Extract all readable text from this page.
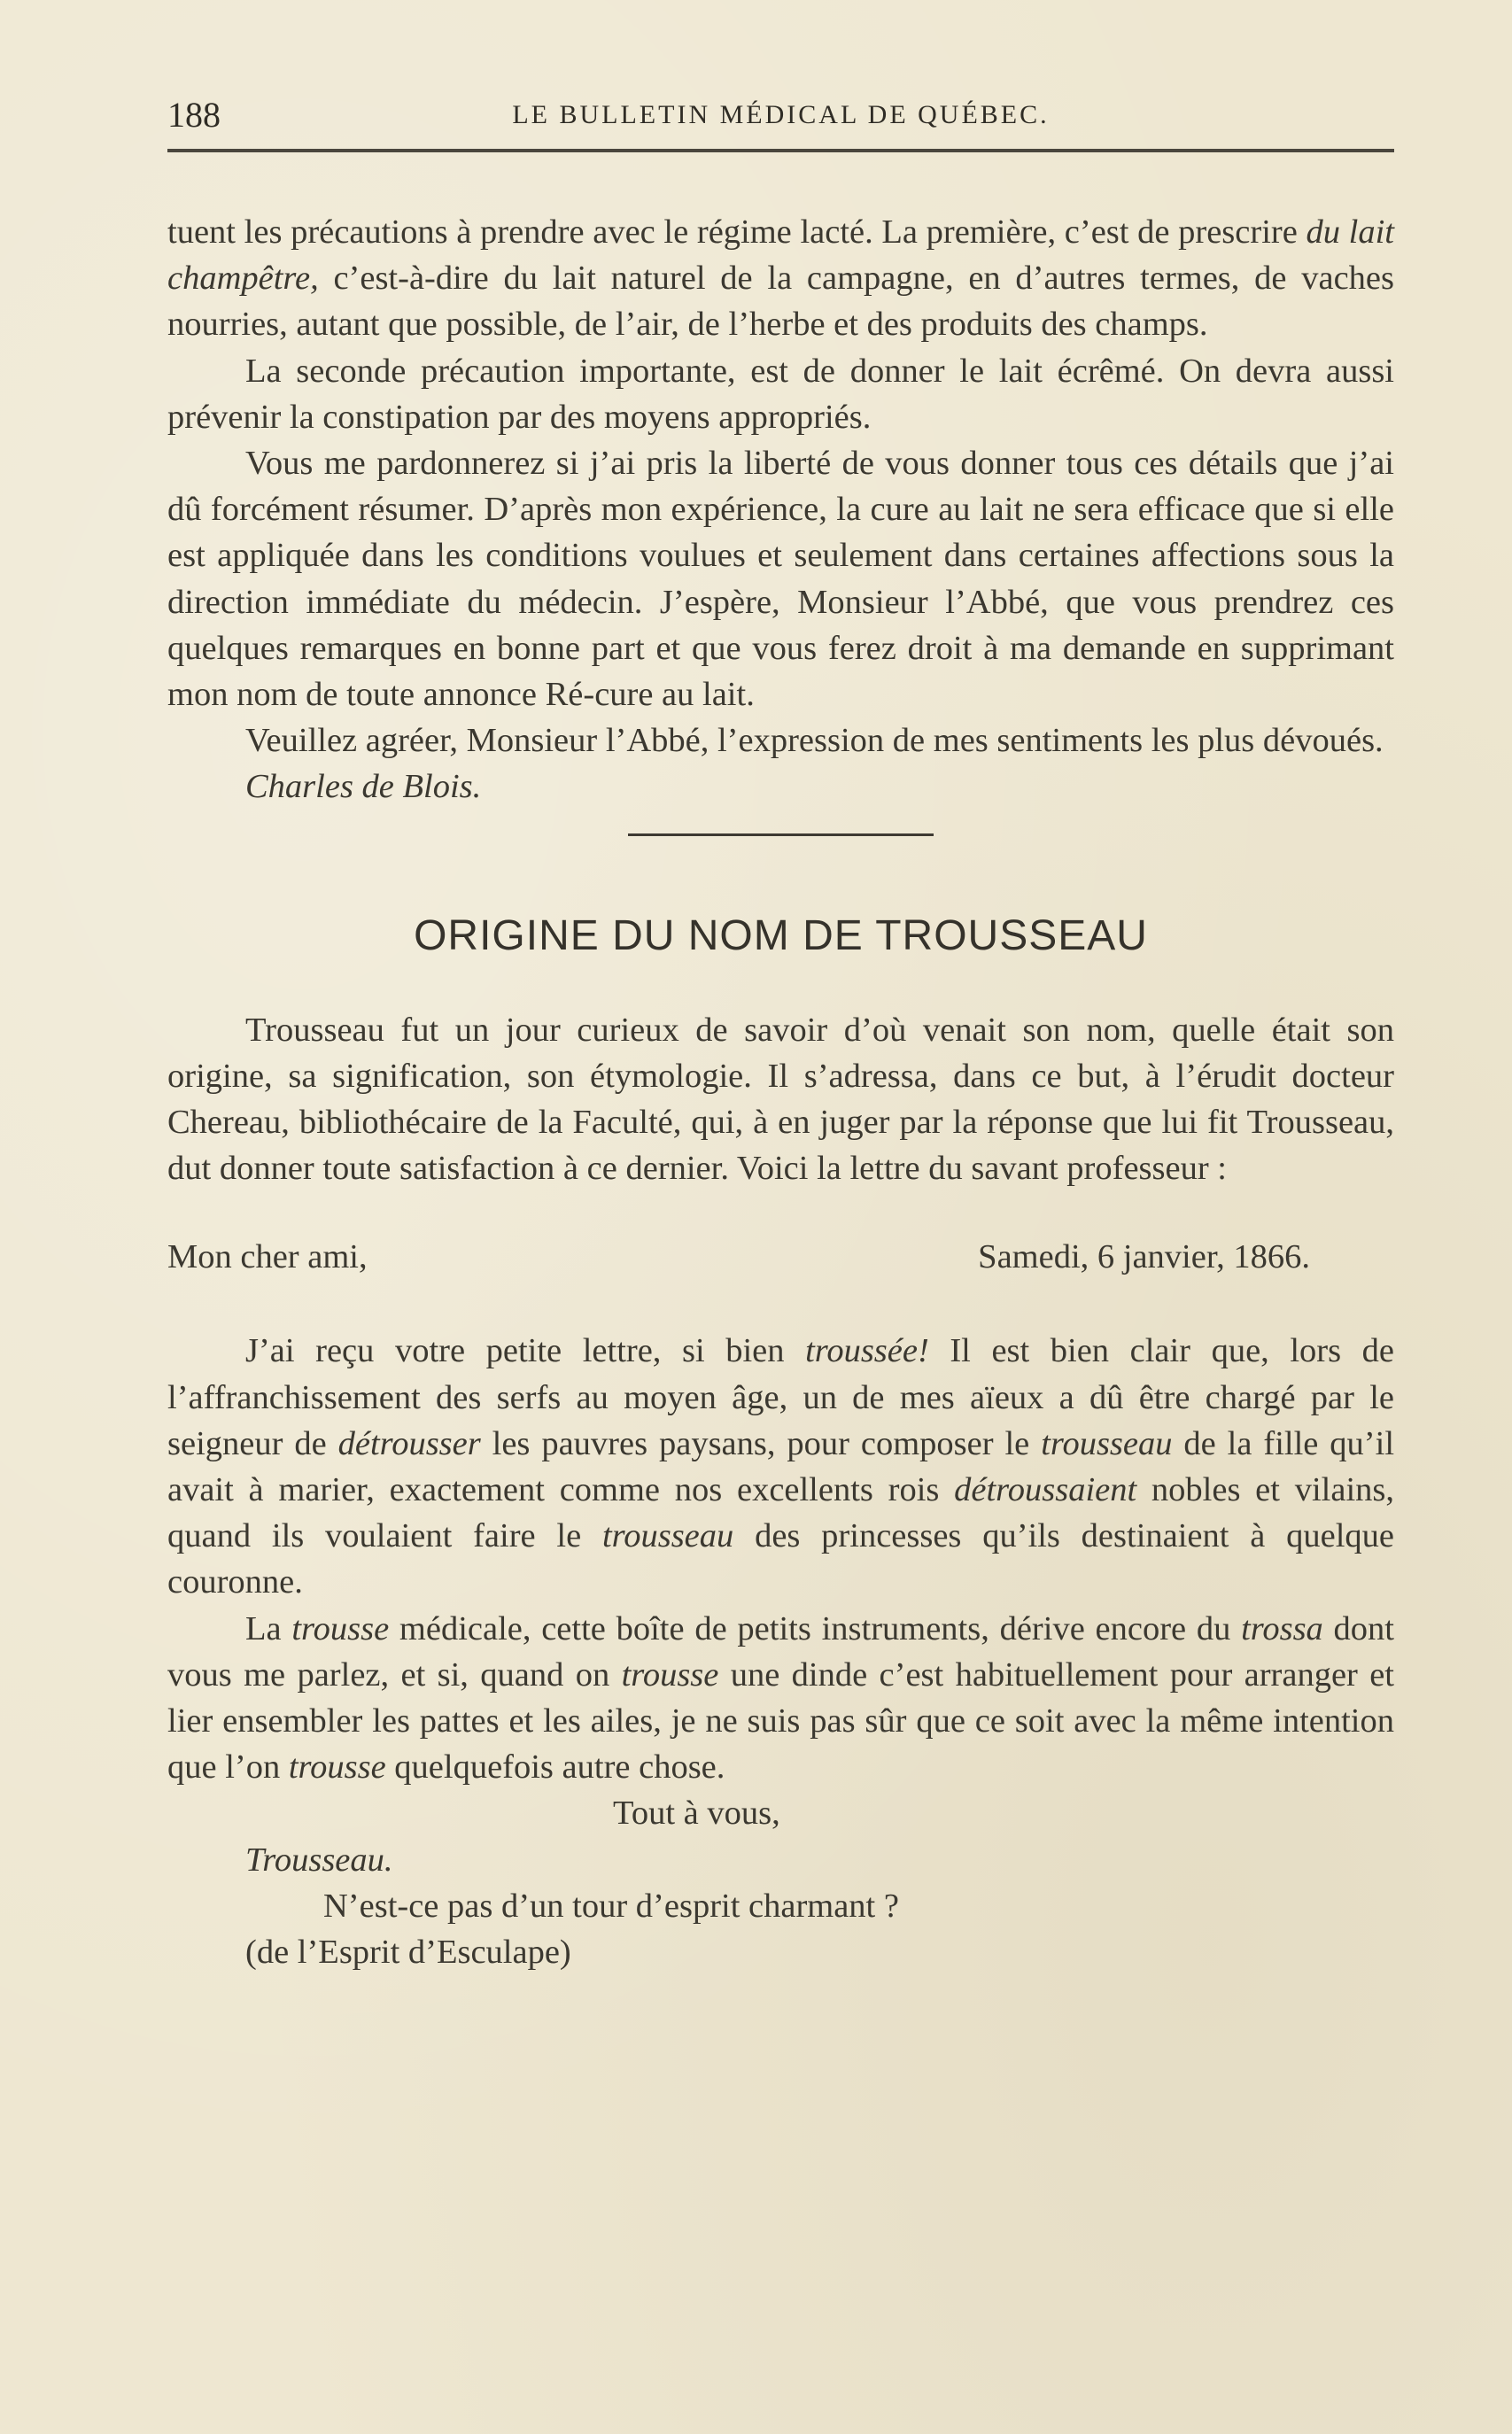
188	LE BULLETIN MÉDICAL DE QUÉBEC.

tuent les précautions à prendre avec le régime lacté. La première, c’est de prescrire du lait champêtre, c’est-à-dire du lait naturel de la campagne, en d’autres termes, de vaches nourries, autant que possible, de l’air, de l’herbe et des produits des champs.

La seconde précaution importante, est de donner le lait écrêmé. On devra aussi prévenir la constipation par des moyens appropriés.

Vous me pardonnerez si j’ai pris la liberté de vous donner tous ces détails que j’ai dû forcément résumer. D’après mon expérience, la cure au lait ne sera efficace que si elle est appliquée dans les conditions voulues et seulement dans certaines affections sous la direction immédiate du médecin. J’espère, Monsieur l’Abbé, que vous prendrez ces quelques remarques en bonne part et que vous ferez droit à ma demande en supprimant mon nom de toute annonce Ré-cure au lait.

Veuillez agréer, Monsieur l’Abbé, l’expression de mes sentiments les plus dévoués.

Charles de Blois.

ORIGINE DU NOM DE TROUSSEAU

Trousseau fut un jour curieux de savoir d’où venait son nom, quelle était son origine, sa signification, son étymologie. Il s’adressa, dans ce but, à l’érudit docteur Chereau, bibliothécaire de la Faculté, qui, à en juger par la réponse que lui fit Trousseau, dut donner toute satisfaction à ce dernier. Voici la lettre du savant professeur :

Mon cher ami,	Samedi, 6 janvier, 1866.

J’ai reçu votre petite lettre, si bien troussée! Il est bien clair que, lors de l’affranchissement des serfs au moyen âge, un de mes aïeux a dû être chargé par le seigneur de détrousser les pauvres paysans, pour composer le trousseau de la fille qu’il avait à marier, exactement comme nos excellents rois détroussaient nobles et vilains, quand ils voulaient faire le trousseau des princesses qu’ils destinaient à quelque couronne.

La trousse médicale, cette boîte de petits instruments, dérive encore du trossa dont vous me parlez, et si, quand on trousse une dinde c’est habituellement pour arranger et lier ensembler les pattes et les ailes, je ne suis pas sûr que ce soit avec la même intention que l’on trousse quelquefois autre chose.

Tout à vous,

Trousseau.

N’est-ce pas d’un tour d’esprit charmant ?

(de l’Esprit d’Esculape)
